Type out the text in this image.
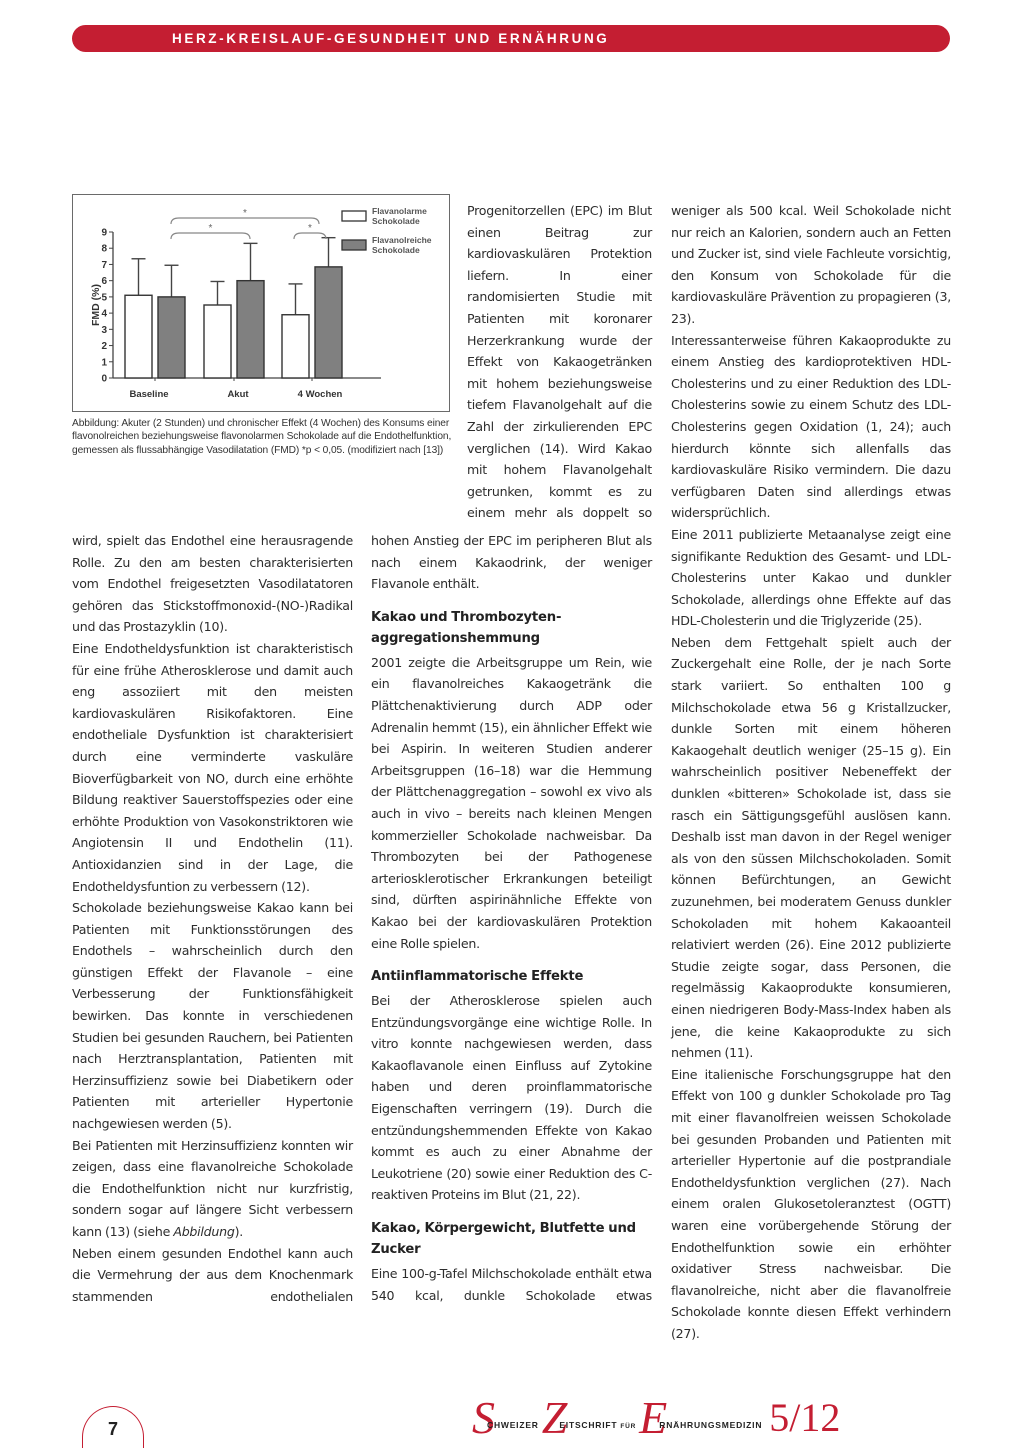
HERZ-KREISLAUF-GESUNDHEIT UND ERNÄHRUNG
0
1
2
3
4
5
6
7
8
9
FMD (%)
Baseline	Akut	4 Wochen
*
*	*
Flavanolarme
Schokolade
Flavanolreiche
Schokolade
Abbildung: Akuter (2 Stunden) und chronischer Effekt (4 Wochen) des Konsums einer flavonolreichen beziehungsweise flavonolarmen Schokolade auf die Endothelfunktion, gemessen als flussabhängige Vasodilatation (FMD) *p < 0,05. (modifiziert nach [13])

Progenitorzellen (EPC) im Blut einen Beitrag zur kardiovaskulären Protektion liefern. In einer randomisierten Studie mit Patienten mit koronarer Herzerkrankung wurde der Effekt von Kakaogetränken mit hohem beziehungsweise tiefem Flavanolgehalt auf die Zahl der zirkulierenden EPC verglichen (14). Wird Kakao mit hohem Flavanolgehalt getrunken, kommt es zu einem mehr als doppelt so

weniger als 500 kcal. Weil Schokolade nicht nur reich an Kalorien, sondern auch an Fetten und Zucker ist, sind viele Fachleute vorsichtig, den Konsum von Schokolade für die kardiovaskuläre Prävention zu propagieren (3, 23).

Interessanterweise führen Kakaoprodukte zu einem Anstieg des kardioprotektiven HDL-Cholesterins und zu einer Reduktion des LDL-Cholesterins sowie zu einem Schutz des LDL-Cholesterins gegen Oxidation (1, 24); auch hierdurch könnte sich allenfalls das kardiovaskuläre Risiko vermindern. Die dazu verfügbaren Daten sind allerdings etwas widersprüchlich.

Eine 2011 publizierte Metaanalyse zeigt eine signifikante Reduktion des Gesamt- und LDL-Cholesterins unter Kakao und dunkler Schokolade, allerdings ohne Effekte auf das HDL-Cholesterin und die Triglyzeride (25).

Neben dem Fettgehalt spielt auch der Zuckergehalt eine Rolle, der je nach Sorte stark variiert. So enthalten 100 g Milchschokolade etwa 56 g Kristallzucker, dunkle Sorten mit einem höheren Kakaogehalt deutlich weniger (25–15 g). Ein wahrscheinlich positiver Nebeneffekt der dunklen «bitteren» Schokolade ist, dass sie rasch ein Sättigungsgefühl auslösen kann. Deshalb isst man davon in der Regel weniger als von den süssen Milchschokoladen. Somit können Befürchtungen, an Gewicht zuzunehmen, bei moderatem Genuss dunkler Schokoladen mit hohem Kakaoanteil relativiert werden (26). Eine 2012 publizierte Studie zeigte sogar, dass Personen, die regelmässig Kakaoprodukte konsumieren, einen niedrigeren Body-Mass-Index haben als jene, die keine Kakaoprodukte zu sich nehmen (11).

Eine italienische Forschungsgruppe hat den Effekt von 100 g dunkler Schokolade pro Tag mit einer flavanolfreien weissen Schokolade bei gesunden Probanden und Patienten mit arterieller Hypertonie auf die postprandiale Endotheldysfunktion verglichen (27). Nach einem oralen Glukosetoleranztest (OGTT) waren eine vorübergehende Störung der Endothelfunktion sowie ein erhöhter oxidativer Stress nachweisbar. Die flavanolreiche, nicht aber die flavanolfreie Schokolade konnte diesen Effekt verhindern (27).

wird, spielt das Endothel eine herausragende Rolle. Zu den am besten charakterisierten vom Endothel freigesetzten Vasodilatatoren gehören das Stickstoffmonoxid-(NO-)Radikal und das Prostazyklin (10).

Eine Endotheldysfunktion ist charakteristisch für eine frühe Atherosklerose und damit auch eng assoziiert mit den meisten kardiovaskulären Risikofaktoren. Eine endotheliale Dysfunktion ist charakterisiert durch eine verminderte vaskuläre Bioverfügbarkeit von NO, durch eine erhöhte Bildung reaktiver Sauerstoffspezies oder eine erhöhte Produktion von Vasokonstriktoren wie Angiotensin II und Endothelin (11). Antioxidanzien sind in der Lage, die Endotheldysfuntion zu verbessern (12).

Schokolade beziehungsweise Kakao kann bei Patienten mit Funktionsstörungen des Endothels – wahrscheinlich durch den günstigen Effekt der Flavanole – eine Verbesserung der Funktionsfähigkeit bewirken. Das konnte in verschiedenen Studien bei gesunden Rauchern, bei Patienten nach Herztransplantation, Patienten mit Herzinsuffizienz sowie bei Diabetikern oder Patienten mit arterieller Hypertonie nachgewiesen werden (5).

Bei Patienten mit Herzinsuffizienz konnten wir zeigen, dass eine flavanolreiche Schokolade die Endothelfunktion nicht nur kurzfristig, sondern sogar auf längere Sicht verbessern kann (13) (siehe Abbildung).

Neben einem gesunden Endothel kann auch die Vermehrung der aus dem Knochenmark stammenden endothelialen

hohen Anstieg der EPC im peripheren Blut als nach einem Kakaodrink, der weniger Flavanole enthält.

Kakao und Thrombozyten-aggregationshemmung

2001 zeigte die Arbeitsgruppe um Rein, wie ein flavanolreiches Kakaogetränk die Plättchenaktivierung durch ADP oder Adrenalin hemmt (15), ein ähnlicher Effekt wie bei Aspirin. In weiteren Studien anderer Arbeitsgruppen (16–18) war die Hemmung der Plättchenaggregation – sowohl ex vivo als auch in vivo – bereits nach kleinen Mengen kommerzieller Schokolade nachweisbar. Da Thrombozyten bei der Pathogenese arteriosklerotischer Erkrankungen beteiligt sind, dürften aspirinähnliche Effekte von Kakao bei der kardiovaskulären Protektion eine Rolle spielen.

Antiinflammatorische Effekte

Bei der Atherosklerose spielen auch Entzündungsvorgänge eine wichtige Rolle. In vitro konnte nachgewiesen werden, dass Kakaoflavanole einen Einfluss auf Zytokine haben und deren proinflammatorische Eigenschaften verringern (19). Durch die entzündungshemmenden Effekte von Kakao kommt es auch zu einer Abnahme der Leukotriene (20) sowie einer Reduktion des C-reaktiven Proteins im Blut (21, 22).

Kakao, Körpergewicht, Blutfette und Zucker

Eine 100-g-Tafel Milchschokolade enthält etwa 540 kcal, dunkle Schokolade etwas

7	$S^{CHWEIZER}Z^{EITSCHRIFT}$ $^{FÜR}E^{RNÄHRUNGSMEDIZIN}$ 5/12
